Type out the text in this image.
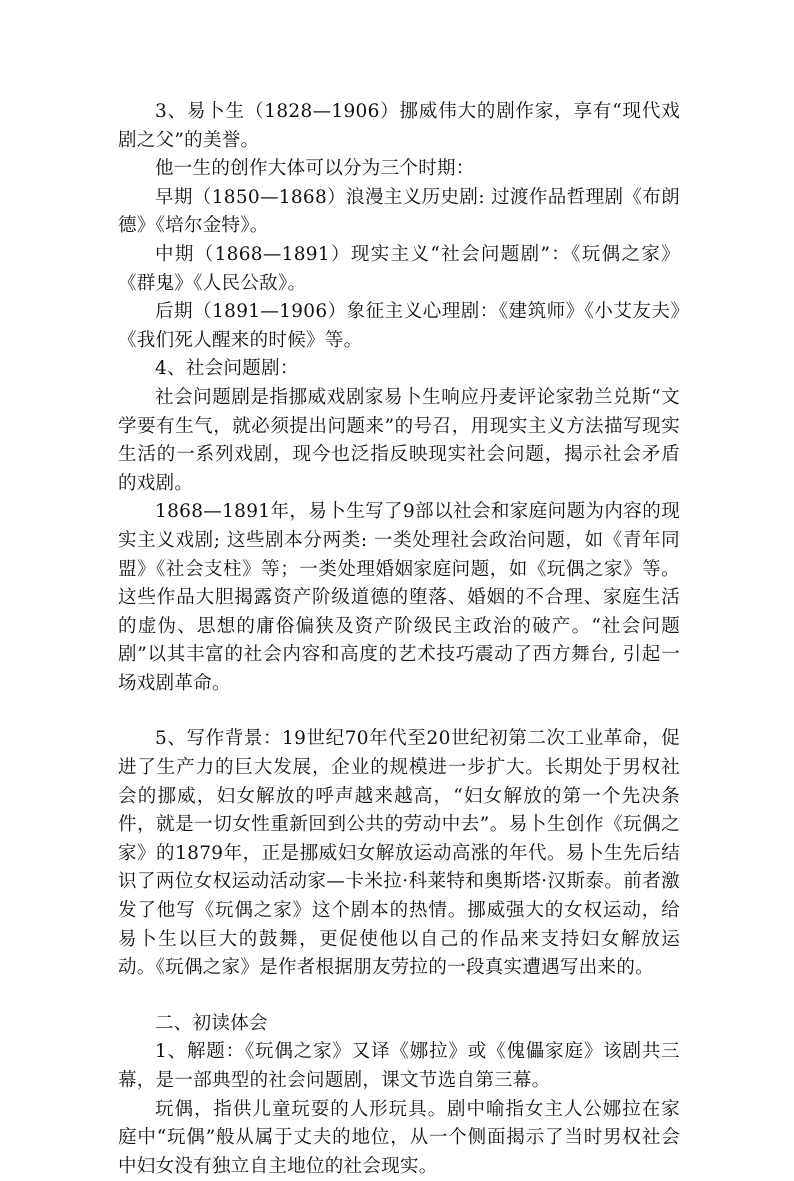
3、易卜生（1828—1906）挪威伟大的剧作家，享有“现代戏剧之父”的美誉。

他一生的创作大体可以分为三个时期：

早期（1850—1868）浪漫主义历史剧: 过渡作品哲理剧《布朗德》《培尔金特》。

中期（1868—1891）现实主义“社会问题剧”：《玩偶之家》《群鬼》《人民公敌》。

后期（1891—1906）象征主义心理剧：《建筑师》《小艾友夫》《我们死人醒来的时候》等。

4、社会问题剧：

社会问题剧是指挪威戏剧家易卜生响应丹麦评论家勃兰兑斯“文学要有生气，就必须提出问题来”的号召，用现实主义方法描写现实生活的一系列戏剧，现今也泛指反映现实社会问题，揭示社会矛盾的戏剧。

1868—1891年，易卜生写了9部以社会和家庭问题为内容的现实主义戏剧; 这些剧本分两类: 一类处理社会政治问题，如《青年同盟》《社会支柱》等；一类处理婚姻家庭问题，如《玩偶之家》等。这些作品大胆揭露资产阶级道德的堕落、婚姻的不合理、家庭生活的虚伪、思想的庸俗偏狭及资产阶级民主政治的破产。“社会问题剧”以其丰富的社会内容和高度的艺术技巧震动了西方舞台, 引起一场戏剧革命。

5、写作背景：19世纪70年代至20世纪初第二次工业革命，促进了生产力的巨大发展，企业的规模进一步扩大。长期处于男权社会的挪威，妇女解放的呼声越来越高，“妇女解放的第一个先决条件，就是一切女性重新回到公共的劳动中去”。易卜生创作《玩偶之家》的1879年，正是挪威妇女解放运动高涨的年代。易卜生先后结识了两位女权运动活动家—卡米拉·科莱特和奥斯塔·汉斯泰。前者激发了他写《玩偶之家》这个剧本的热情。挪威强大的女权运动，给易卜生以巨大的鼓舞，更促使他以自己的作品来支持妇女解放运动。《玩偶之家》是作者根据朋友劳拉的一段真实遭遇写出来的。

二、初读体会

1、解题：《玩偶之家》又译《娜拉》或《傀儡家庭》该剧共三幕，是一部典型的社会问题剧，课文节选自第三幕。

玩偶，指供儿童玩耍的人形玩具。剧中喻指女主人公娜拉在家庭中“玩偶”般从属于丈夫的地位，从一个侧面揭示了当时男权社会中妇女没有独立自主地位的社会现实。
